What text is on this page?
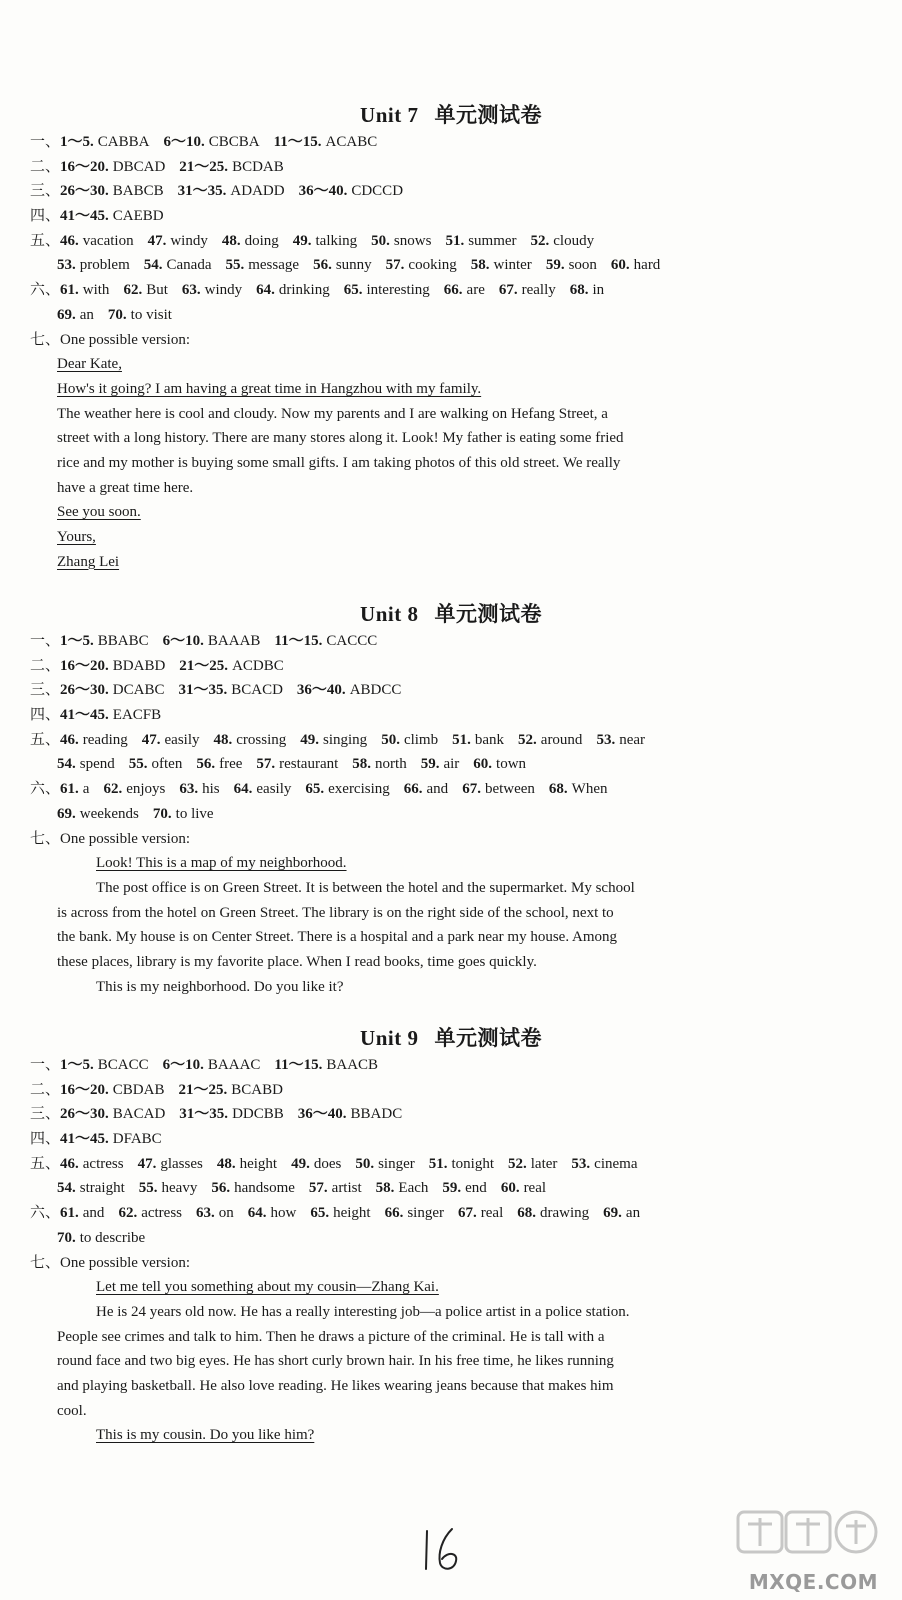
Unit 7 单元测试卷
一、1～5. CABBA 6～10. CBCBA 11～15. ACABC
二、16～20. DBCAD 21～25. BCDAB
三、26～30. BABCB 31～35. ADADD 36～40. CDCCD
四、41～45. CAEBD
五、46. vacation 47. windy 48. doing 49. talking 50. snows 51. summer 52. cloudy
53. problem 54. Canada 55. message 56. sunny 57. cooking 58. winter 59. soon 60. hard
六、61. with 62. But 63. windy 64. drinking 65. interesting 66. are 67. really 68. in
69. an 70. to visit
七、One possible version:
Dear Kate,
How's it going? I am having a great time in Hangzhou with my family.
The weather here is cool and cloudy. Now my parents and I are walking on Hefang Street, a
street with a long history. There are many stores along it. Look! My father is eating some fried
rice and my mother is buying some small gifts. I am taking photos of this old street. We really
have a great time here.
See you soon.
Yours,
Zhang Lei
Unit 8 单元测试卷
一、1～5. BBABC 6～10. BAAAB 11～15. CACCC
二、16～20. BDABD 21～25. ACDBC
三、26～30. DCABC 31～35. BCACD 36～40. ABDCC
四、41～45. EACFB
五、46. reading 47. easily 48. crossing 49. singing 50. climb 51. bank 52. around 53. near
54. spend 55. often 56. free 57. restaurant 58. north 59. air 60. town
六、61. a 62. enjoys 63. his 64. easily 65. exercising 66. and 67. between 68. When
69. weekends 70. to live
七、One possible version:
Look! This is a map of my neighborhood.
The post office is on Green Street. It is between the hotel and the supermarket. My school
is across from the hotel on Green Street. The library is on the right side of the school, next to
the bank. My house is on Center Street. There is a hospital and a park near my house. Among
these places, library is my favorite place. When I read books, time goes quickly.
This is my neighborhood. Do you like it?
Unit 9 单元测试卷
一、1～5. BCACC 6～10. BAAAC 11～15. BAACB
二、16～20. CBDAB 21～25. BCABD
三、26～30. BACAD 31～35. DDCBB 36～40. BBADC
四、41～45. DFABC
五、46. actress 47. glasses 48. height 49. does 50. singer 51. tonight 52. later 53. cinema
54. straight 55. heavy 56. handsome 57. artist 58. Each 59. end 60. real
六、61. and 62. actress 63. on 64. how 65. height 66. singer 67. real 68. drawing 69. an
70. to describe
七、One possible version:
Let me tell you something about my cousin—Zhang Kai.
He is 24 years old now. He has a really interesting job—a police artist in a police station.
People see crimes and talk to him. Then he draws a picture of the criminal. He is tall with a
round face and two big eyes. He has short curly brown hair. In his free time, he likes running
and playing basketball. He also love reading. He likes wearing jeans because that makes him
cool.
This is my cousin. Do you like him?
MXQE.COM
